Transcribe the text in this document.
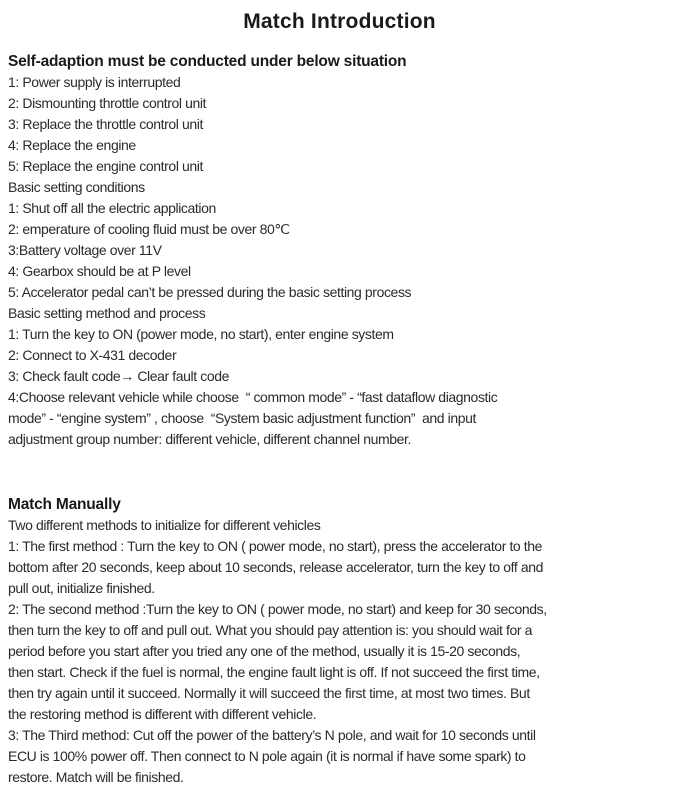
Match Introduction
Self-adaption must be conducted under below situation
1: Power supply is interrupted
2: Dismounting throttle control unit
3: Replace the throttle control unit
4: Replace the engine
5: Replace the engine control unit
Basic setting conditions
1: Shut off all the electric application
2: emperature of cooling fluid must be over 80℃
3:Battery voltage over 11V
4: Gearbox should be at P level
5: Accelerator pedal can’t be pressed during the basic setting process
Basic setting method and process
1: Turn the key to ON (power mode, no start), enter engine system
2: Connect to X-431 decoder
3: Check fault code→ Clear fault code
4:Choose relevant vehicle while choose  “ common mode” - “fast dataflow diagnostic
mode” - “engine system” , choose  “System basic adjustment function”  and input
adjustment group number: different vehicle, different channel number.
Match Manually
Two different methods to initialize for different vehicles
1: The first method : Turn the key to ON ( power mode, no start), press the accelerator to the
bottom after 20 seconds, keep about 10 seconds, release accelerator, turn the key to off and
pull out, initialize finished.
2: The second method :Turn the key to ON ( power mode, no start) and keep for 30 seconds,
then turn the key to off and pull out. What you should pay attention is: you should wait for a
period before you start after you tried any one of the method, usually it is 15-20 seconds,
then start. Check if the fuel is normal, the engine fault light is off. If not succeed the first time,
then try again until it succeed. Normally it will succeed the first time, at most two times. But
the restoring method is different with different vehicle.
3: The Third method: Cut off the power of the battery’s N pole, and wait for 10 seconds until
ECU is 100% power off. Then connect to N pole again (it is normal if have some spark) to
restore. Match will be finished.
